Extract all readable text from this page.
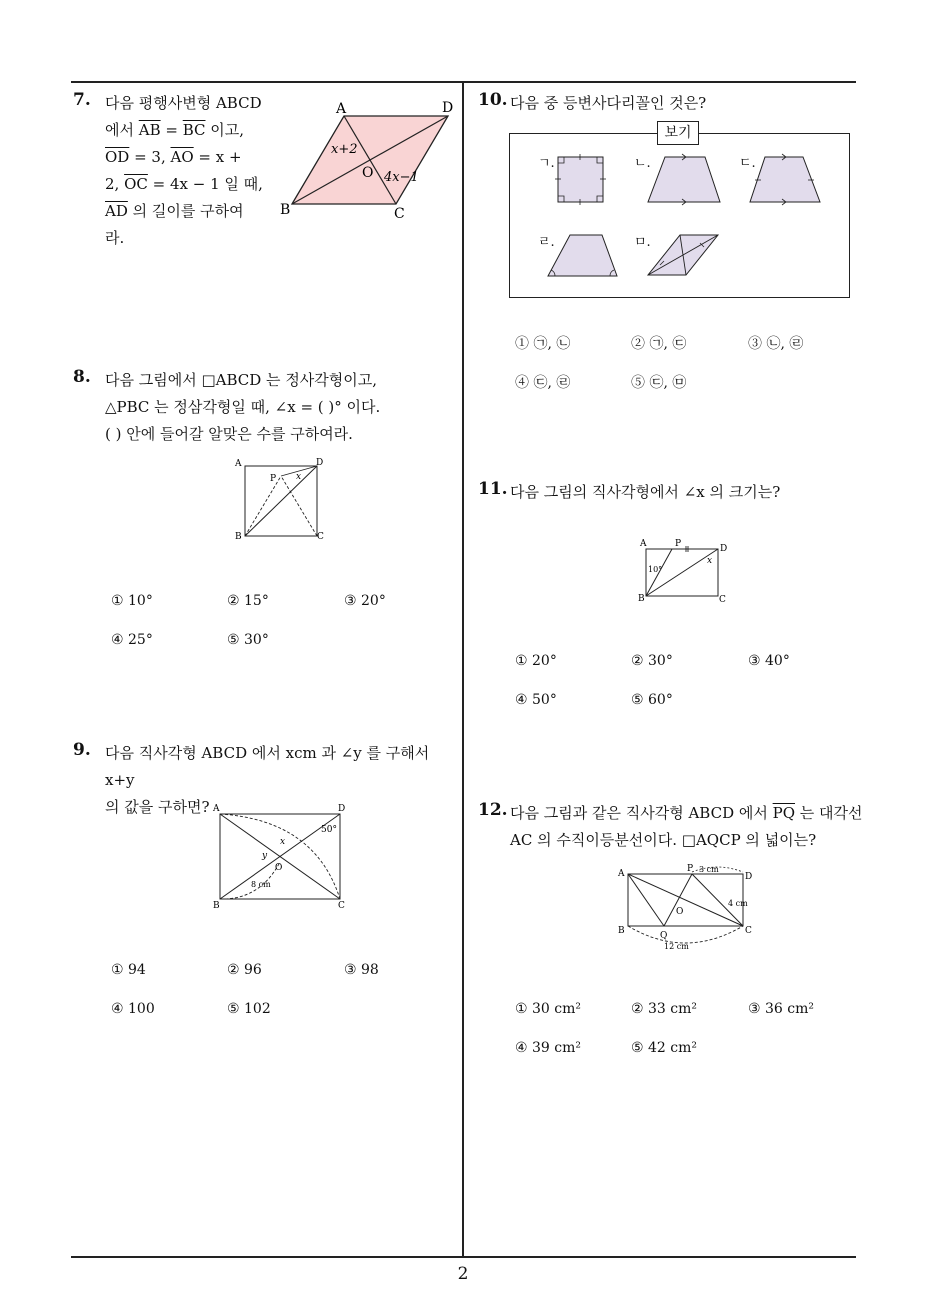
7. 다음 평행사변형 ABCD
에서 $\overline{AB} = \overline{BC}$ 이고,
$\overline{OD} = 3$, $\overline{AO} = x$ +
2, $\overline{OC} = 4x - 1$ 일 때,
$\overline{AD}$ 의 길이를 구하여
라.
A	D
B	C
O
x+2
4x−1
8. 다음 그림에서 □ABCD 는 정사각형이고,
△PBC 는 정삼각형일 때, ∠x = ( )° 이다.
( ) 안에 들어갈 알맞은 수를 구하여라.
A	D
B	C
P x
① 10°	② 15°	③ 20°
④ 25°	⑤ 30°
9. 다음 직사각형 ABCD 에서 xcm 과 ∠y 를 구해서 x+y
의 값을 구하면? A	D
B	C
O
x
y
50°
8 cm
① 94	② 96	③ 98
④ 100	⑤ 102
10. 다음 중 등변사다리꼴인 것은?
보기
ㄱ.	ㄴ.	ㄷ.
ㄹ.	ㅁ.
① ㉠, ㉡	② ㉠, ㉢	③ ㉡, ㉣
④ ㉢, ㉣	⑤ ㉢, ㉤
11. 다음 그림의 직사각형에서 ∠x 의 크기는?
A	P	D
B	C
10°
x
① 20°	② 30°	③ 40°
④ 50°	⑤ 60°
12. 다음 그림과 같은 직사각형 ABCD 에서 $\overline{PQ}$ 는 대각선
AC 의 수직이등분선이다. □AQCP 의 넓이는?
A	P
D
B	Q	C
O
3 cm
4 cm
12 cm
① 30 cm²	② 33 cm²	③ 36 cm²
④ 39 cm²	⑤ 42 cm²
2
